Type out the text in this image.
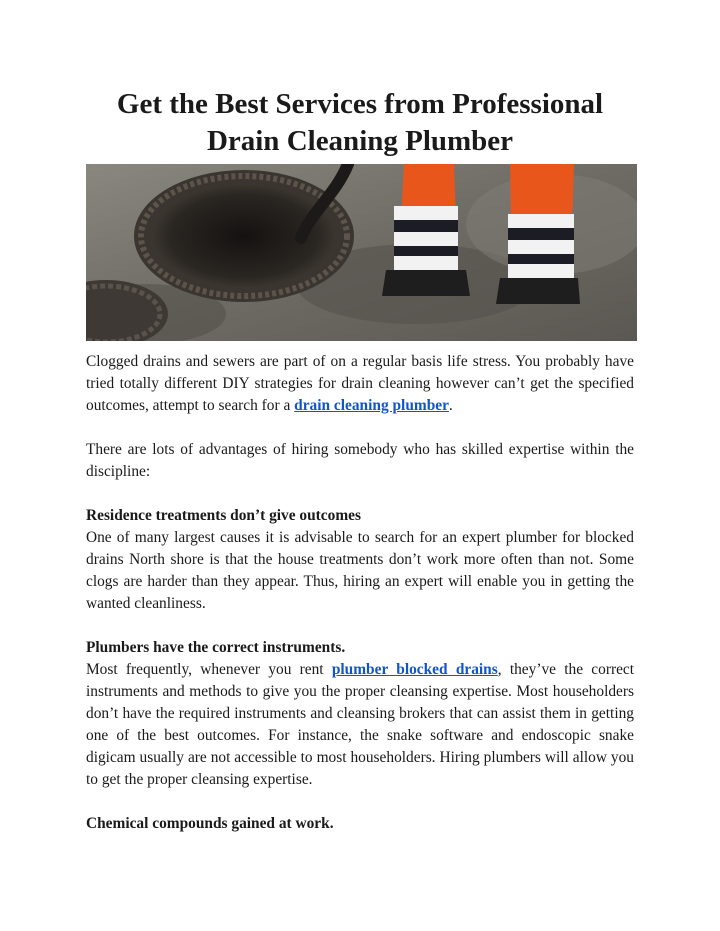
Get the Best Services from Professional
Drain Cleaning Plumber

Clogged drains and sewers are part of on a regular basis life stress. You probably have tried totally different DIY strategies for drain cleaning however can’t get the specified outcomes, attempt to search for a drain cleaning plumber.

There are lots of advantages of hiring somebody who has skilled expertise within the discipline:

Residence treatments don’t give outcomes

One of many largest causes it is advisable to search for an expert plumber for blocked drains North shore is that the house treatments don’t work more often than not. Some clogs are harder than they appear. Thus, hiring an expert will enable you in getting the wanted cleanliness.

Plumbers have the correct instruments.

Most frequently, whenever you rent plumber blocked drains, they’ve the correct instruments and methods to give you the proper cleansing expertise. Most householders don’t have the required instruments and cleansing brokers that can assist them in getting one of the best outcomes. For instance, the snake software and endoscopic snake digicam usually are not accessible to most householders. Hiring plumbers will allow you to get the proper cleansing expertise.

Chemical compounds gained at work.
